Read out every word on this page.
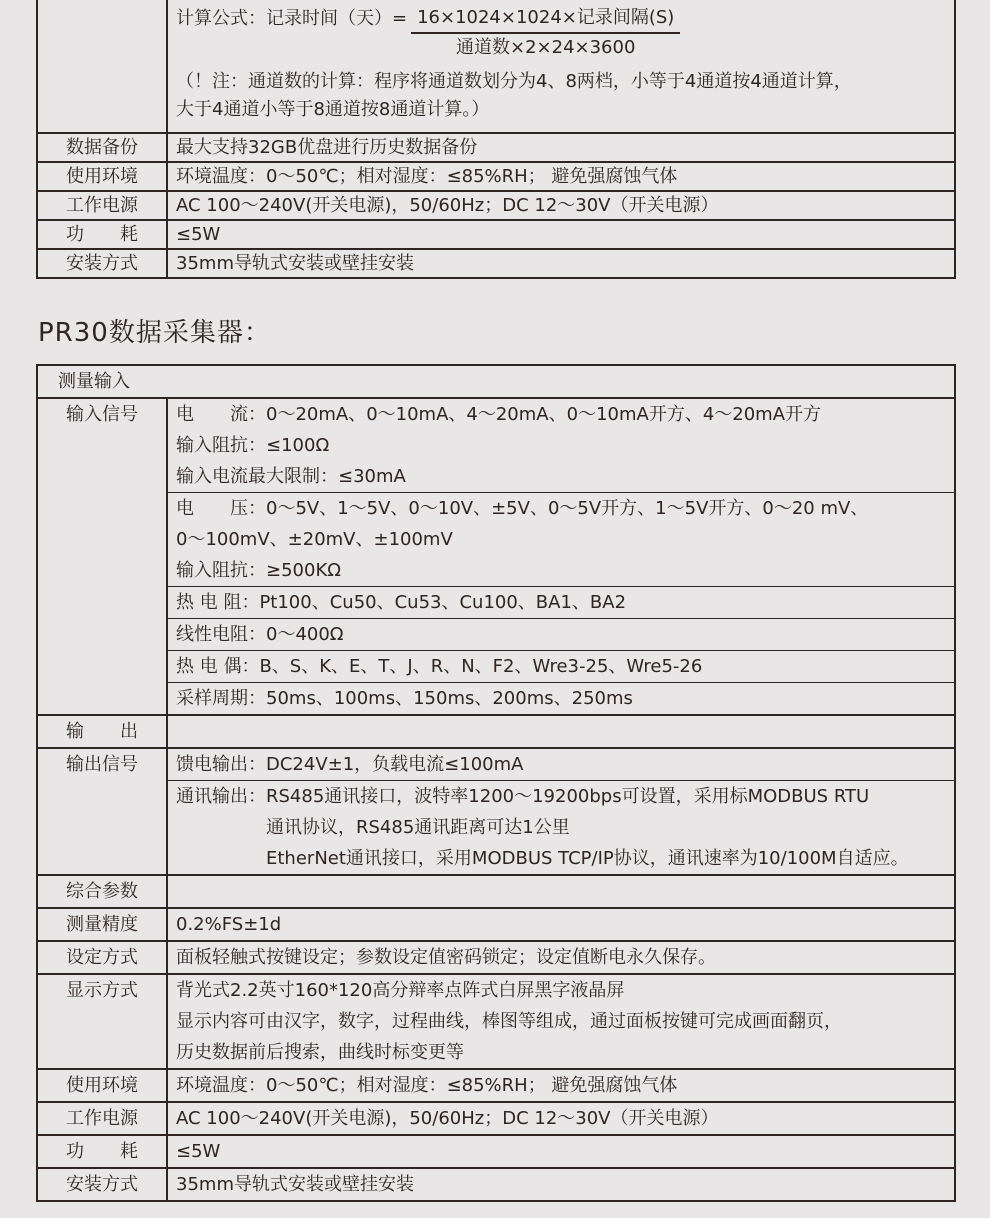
计算公式：记录时间（天）= $\frac{\text{16×1024×1024×记录间隔(S)}}{\text{通道数×2×24×3600}}$
（！注：通道数的计算：程序将通道数划分为4、8两档，小等于4通道按4通道计算，
大于4通道小等于8通道按8通道计算。）
数据备份	最大支持32GB优盘进行历史数据备份
使用环境	环境温度：0～50℃；相对湿度：≤85%RH； 避免强腐蚀气体
工作电源	AC 100～240V(开关电源)，50/60Hz；DC 12～30V（开关电源）
功　　耗	≤5W
安装方式	35mm导轨式安装或壁挂安装
PR30数据采集器：
测量输入
输入信号	电　　流：0～20mA、0～10mA、4～20mA、0～10mA开方、4～20mA开方
输入阻抗：≤100Ω
输入电流最大限制：≤30mA
电　　压：0～5V、1～5V、0～10V、±5V、0～5V开方、1～5V开方、0～20 mV、
0～100mV、±20mV、±100mV
输入阻抗：≥500KΩ
热 电 阻：Pt100、Cu50、Cu53、Cu100、BA1、BA2
线性电阻：0～400Ω
热 电 偶：B、S、K、E、T、J、R、N、F2、Wre3-25、Wre5-26
采样周期：50ms、100ms、150ms、200ms、250ms
输　　出
输出信号	馈电输出：DC24V±1，负载电流≤100mA
通讯输出：RS485通讯接口，波特率1200～19200bps可设置，采用标MODBUS RTU
通讯协议，RS485通讯距离可达1公里
EtherNet通讯接口，采用MODBUS TCP/IP协议，通讯速率为10/100M自适应。
综合参数
测量精度	0.2%FS±1d
设定方式	面板轻触式按键设定；参数设定值密码锁定；设定值断电永久保存。
显示方式	背光式2.2英寸160*120高分辩率点阵式白屏黑字液晶屏
显示内容可由汉字，数字，过程曲线，棒图等组成，通过面板按键可完成画面翻页，
历史数据前后搜索，曲线时标变更等
使用环境	环境温度：0～50℃；相对湿度：≤85%RH； 避免强腐蚀气体
工作电源	AC 100～240V(开关电源)，50/60Hz；DC 12～30V（开关电源）
功　　耗	≤5W
安装方式	35mm导轨式安装或壁挂安装
